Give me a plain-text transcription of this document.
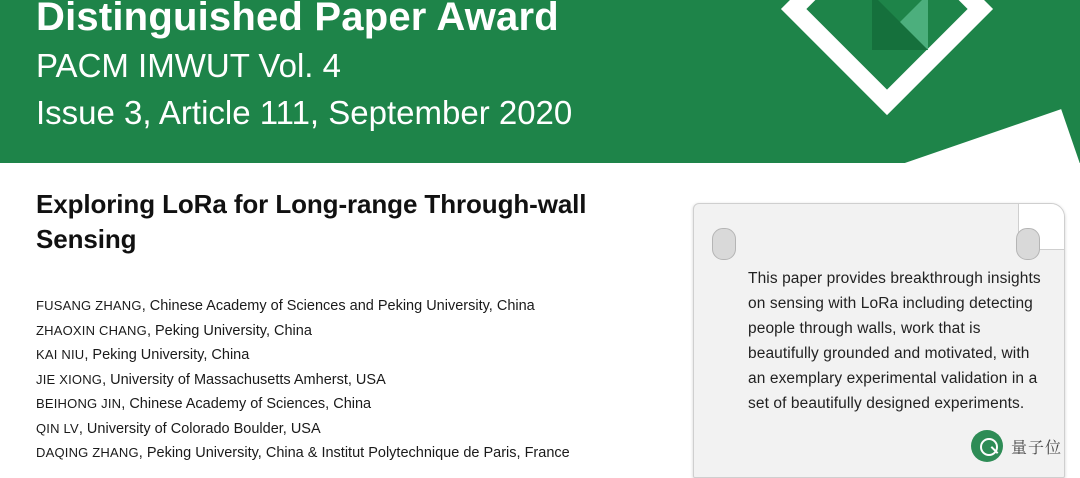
Distinguished Paper Award
PACM IMWUT Vol. 4
Issue 3, Article 111, September 2020
Exploring LoRa for Long-range Through-wall Sensing
FUSANG ZHANG, Chinese Academy of Sciences and Peking University, China
ZHAOXIN CHANG, Peking University, China
KAI NIU, Peking University, China
JIE XIONG, University of Massachusetts Amherst, USA
BEIHONG JIN, Chinese Academy of Sciences, China
QIN LV, University of Colorado Boulder, USA
DAQING ZHANG, Peking University, China & Institut Polytechnique de Paris, France
This paper provides breakthrough insights on sensing with LoRa including detecting people through walls, work that is beautifully grounded and motivated, with an exemplary experimental validation in a set of beautifully designed experiments.
量子位
